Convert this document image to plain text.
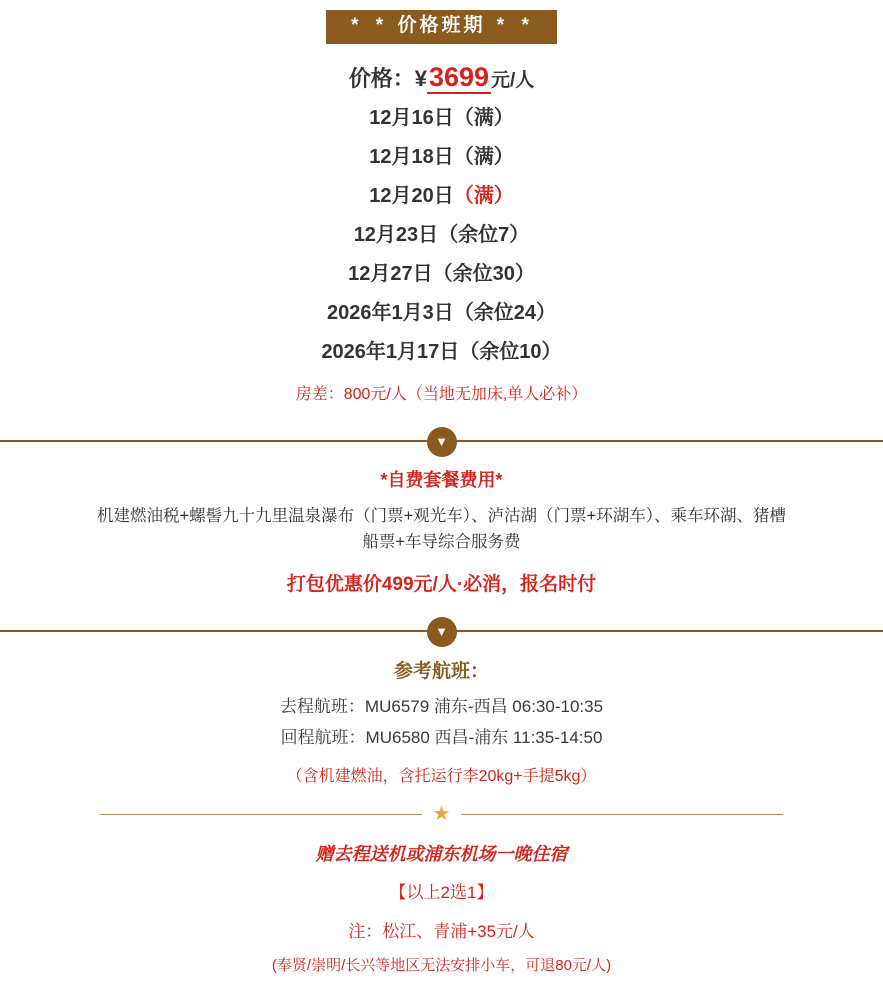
* * 价格班期 * *
价格：¥3699 元/人
12月16日（满）
12月18日（满）
12月20日（满）
12月23日（余位7）
12月27日（余位30）
2026年1月3日（余位24）
2026年1月17日（余位10）
房差：800元/人（当地无加床,单人必补）
▼
*自费套餐费用*
机建燃油税+螺髻九十九里温泉瀑布（门票+观光车）、泸沽湖（门票+环湖车）、乘车环湖、猪槽
船票+车导综合服务费
打包优惠价499元/人·必消，报名时付
▼
参考航班：
去程航班：MU6579 浦东-西昌 06:30-10:35
回程航班：MU6580 西昌-浦东 11:35-14:50
（含机建燃油，含托运行李20kg+手提5kg）
★
赠去程送机或浦东机场一晚住宿
【以上2选1】
注：松江、青浦+35元/人
(奉贤/崇明/长兴等地区无法安排小车，可退80元/人)
